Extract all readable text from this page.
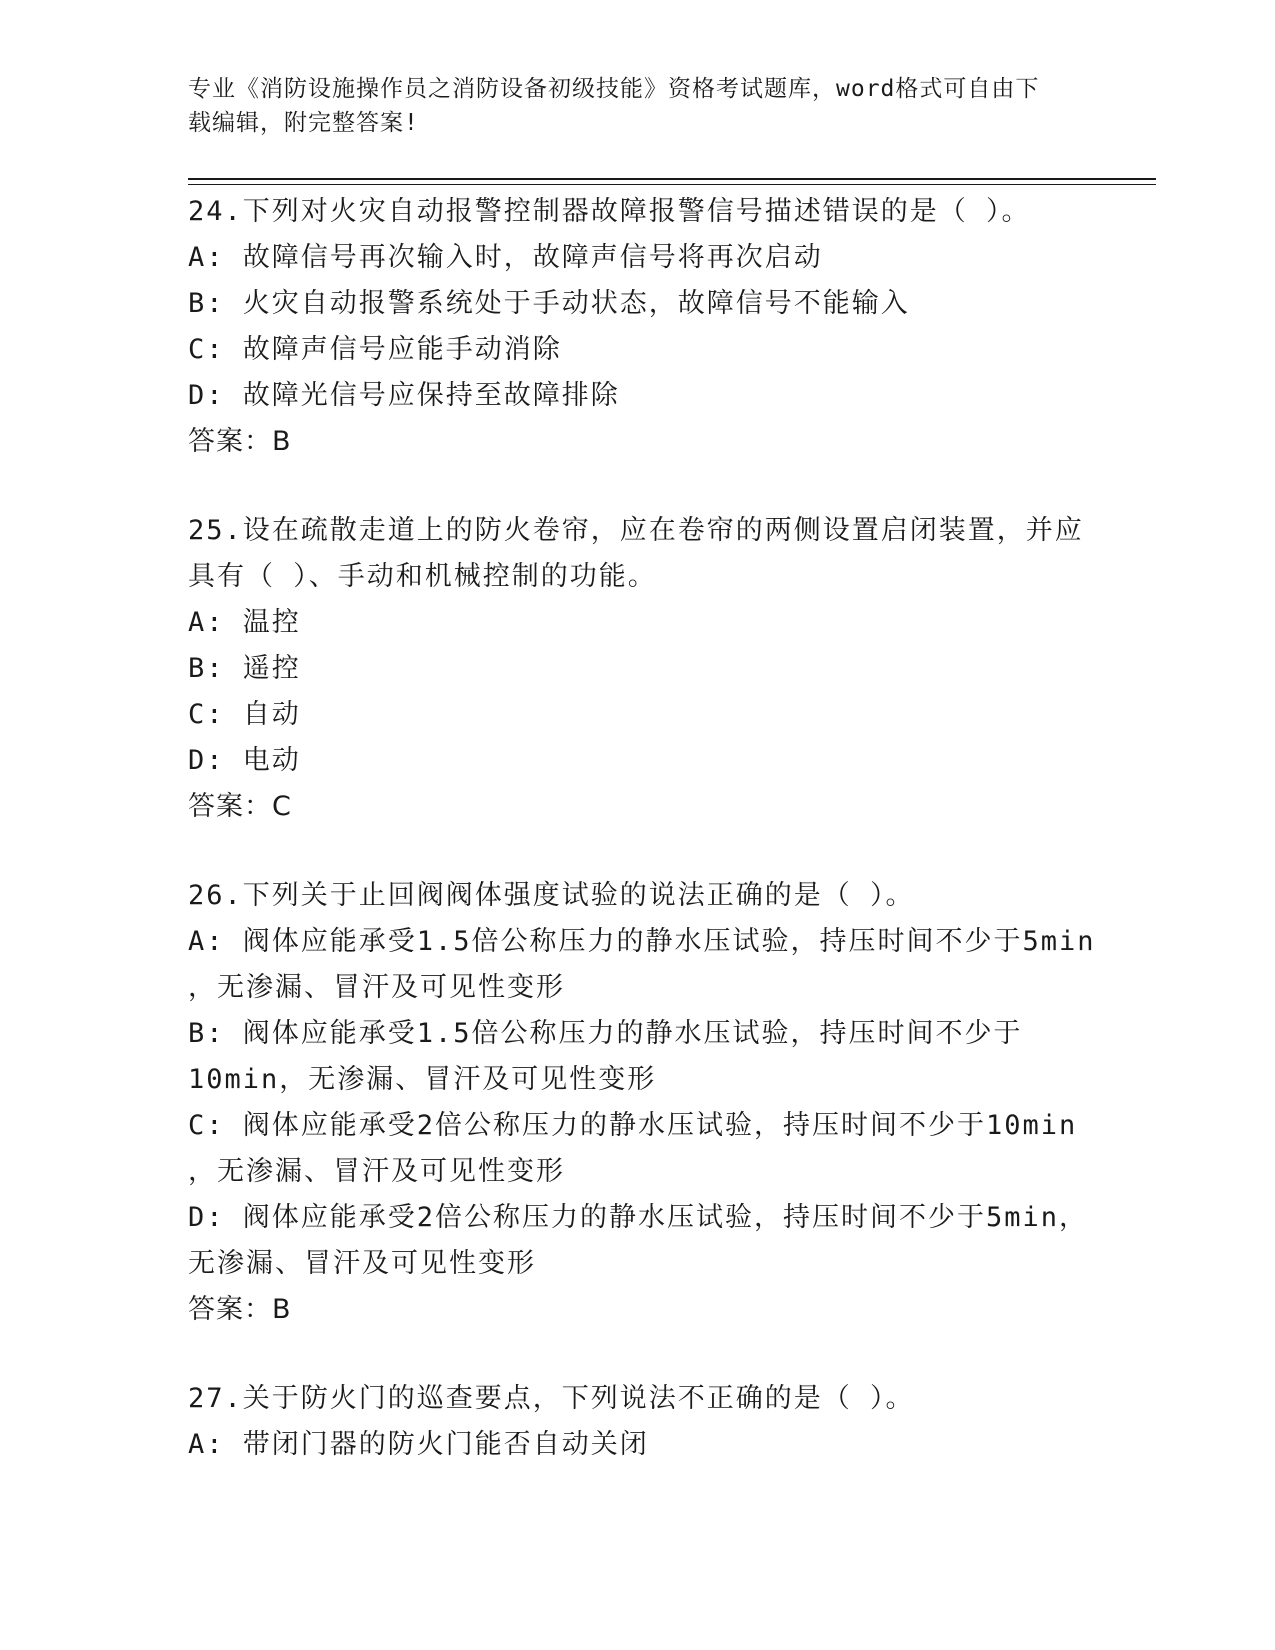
专业《消防设施操作员之消防设备初级技能》资格考试题库，word格式可自由下
载编辑，附完整答案!
24.下列对火灾自动报警控制器故障报警信号描述错误的是（ ）。
A: 故障信号再次输入时，故障声信号将再次启动
B: 火灾自动报警系统处于手动状态，故障信号不能输入
C: 故障声信号应能手动消除
D: 故障光信号应保持至故障排除
答案：B
25.设在疏散走道上的防火卷帘，应在卷帘的两侧设置启闭装置，并应
具有（ ）、手动和机械控制的功能。
A: 温控
B: 遥控
C: 自动
D: 电动
答案：C
26.下列关于止回阀阀体强度试验的说法正确的是（ ）。
A: 阀体应能承受1.5倍公称压力的静水压试验，持压时间不少于5min
，无渗漏、冒汗及可见性变形
B: 阀体应能承受1.5倍公称压力的静水压试验，持压时间不少于
10min，无渗漏、冒汗及可见性变形
C: 阀体应能承受2倍公称压力的静水压试验，持压时间不少于10min
，无渗漏、冒汗及可见性变形
D: 阀体应能承受2倍公称压力的静水压试验，持压时间不少于5min，
无渗漏、冒汗及可见性变形
答案：B
27.关于防火门的巡查要点，下列说法不正确的是（ ）。
A: 带闭门器的防火门能否自动关闭
